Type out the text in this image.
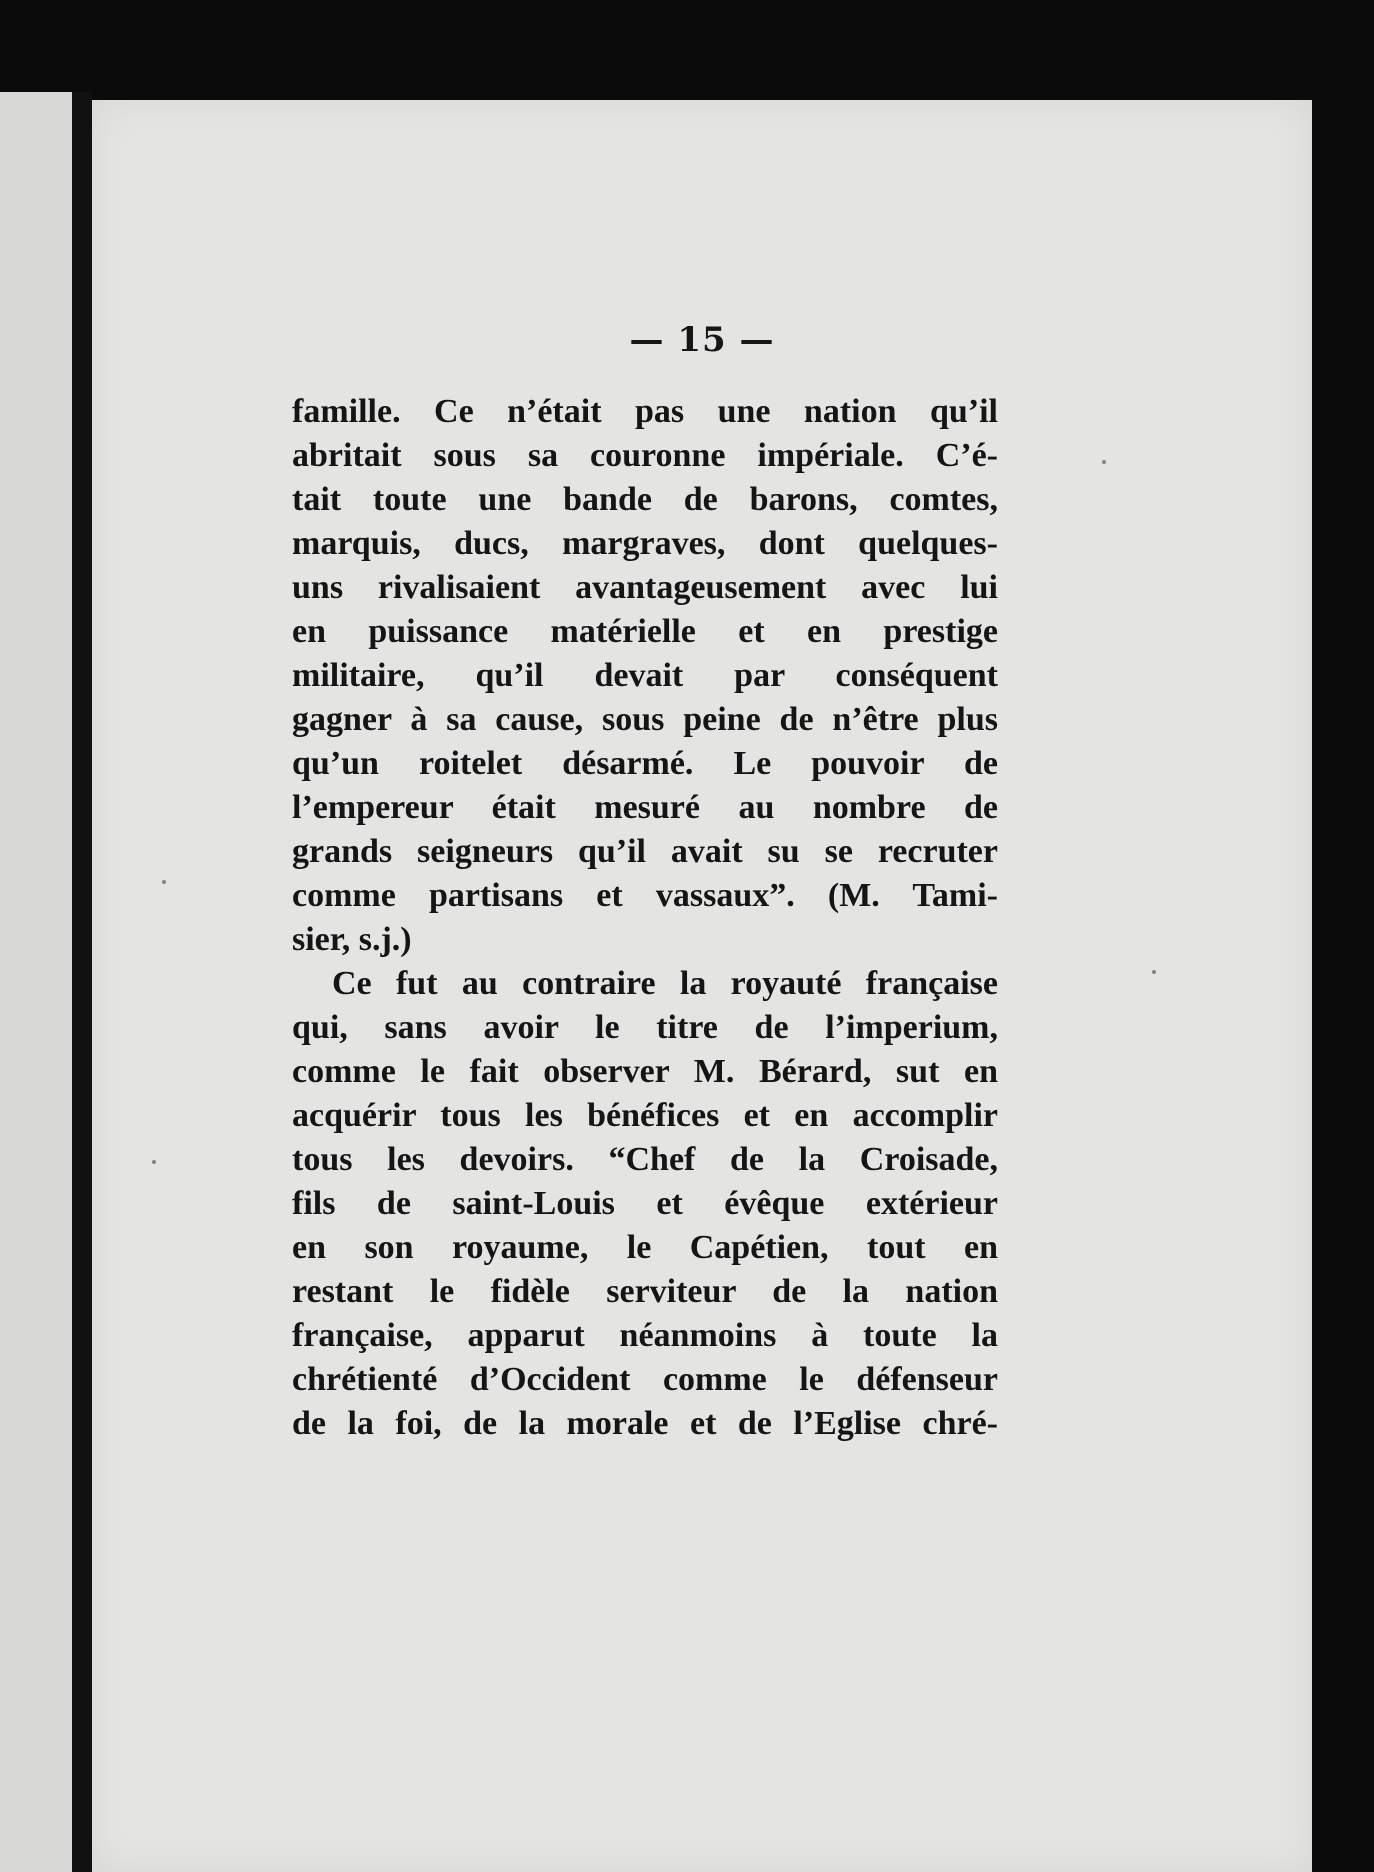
— 15 —
famille. Ce n’était pas une nation qu’il
abritait sous sa couronne impériale. C’é-
tait toute une bande de barons, comtes,
marquis, ducs, margraves, dont quelques-
uns rivalisaient avantageusement avec lui
en puissance matérielle et en prestige
militaire, qu’il devait par conséquent
gagner à sa cause, sous peine de n’être plus
qu’un roitelet désarmé. Le pouvoir de
l’empereur était mesuré au nombre de
grands seigneurs qu’il avait su se recruter
comme partisans et vassaux”. (M. Tami-
sier, s.j.)
Ce fut au contraire la royauté française
qui, sans avoir le titre de l’imperium,
comme le fait observer M. Bérard, sut en
acquérir tous les bénéfices et en accomplir
tous les devoirs. “Chef de la Croisade,
fils de saint-Louis et évêque extérieur
en son royaume, le Capétien, tout en
restant le fidèle serviteur de la nation
française, apparut néanmoins à toute la
chrétienté d’Occident comme le défenseur
de la foi, de la morale et de l’Eglise chré-
